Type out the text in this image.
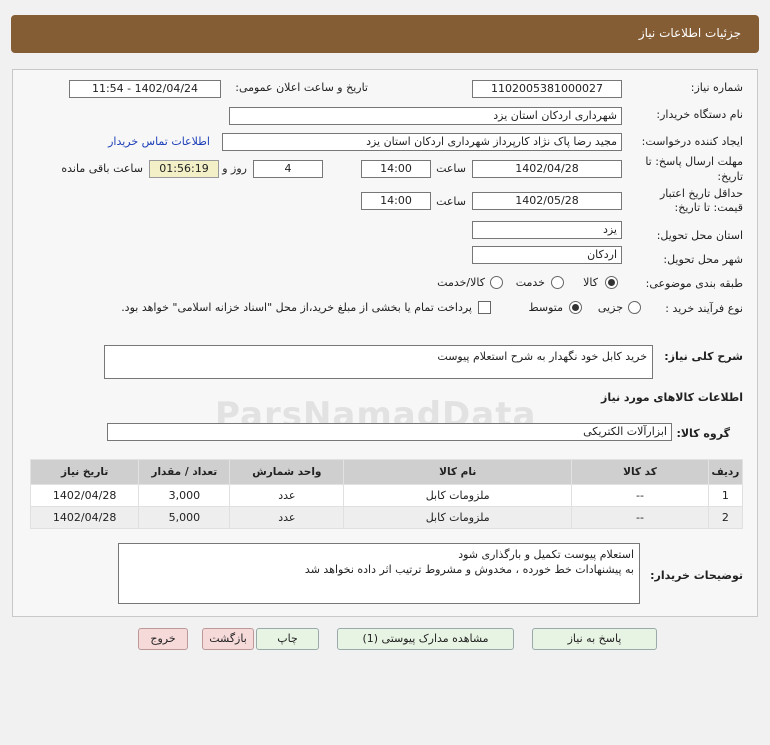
جزئیات اطلاعات نیاز
شماره نیاز:
1102005381000027
تاریخ و ساعت اعلان عمومی:
1402/04/24 - 11:54
نام دستگاه خریدار:
شهرداری اردکان استان یزد
ایجاد کننده درخواست:
مجید رضا پاک نژاد کارپرداز شهرداری اردکان استان یزد
اطلاعات تماس خریدار
مهلت ارسال پاسخ: تا
تاریخ:
1402/04/28
ساعت
14:00
4
روز و
01:56:19
ساعت باقی مانده
حداقل تاریخ اعتبار
قیمت: تا تاریخ:
1402/05/28
ساعت
14:00
استان محل تحویل:
یزد
شهر محل تحویل:
اردکان
طبقه بندی موضوعی:
کالا
خدمت
کالا/خدمت
نوع فرآیند خرید :
جزیی
متوسط
پرداخت تمام یا بخشی از مبلغ خرید،از محل "اسناد خزانه اسلامی" خواهد بود.
شرح کلی نیاز:
خرید کابل خود نگهدار به شرح استعلام پیوست
اطلاعات کالاهای مورد نیاز
گروه کالا:
ابزارآلات الکتریکی
ردیف	کد کالا	نام کالا	واحد شمارش	تعداد / مقدار	تاریخ نیاز
1	--	ملزومات کابل	عدد	3,000	1402/04/28
2	--	ملزومات کابل	عدد	5,000	1402/04/28
توضیحات خریدار:
استعلام پیوست تکمیل و بارگذاری شود
به پیشنهادات خط خورده ، مخدوش و مشروط ترتیب اثر داده نخواهد شد
پاسخ به نیاز
مشاهده مدارک پیوستی (1)
چاپ
بازگشت
خروج
